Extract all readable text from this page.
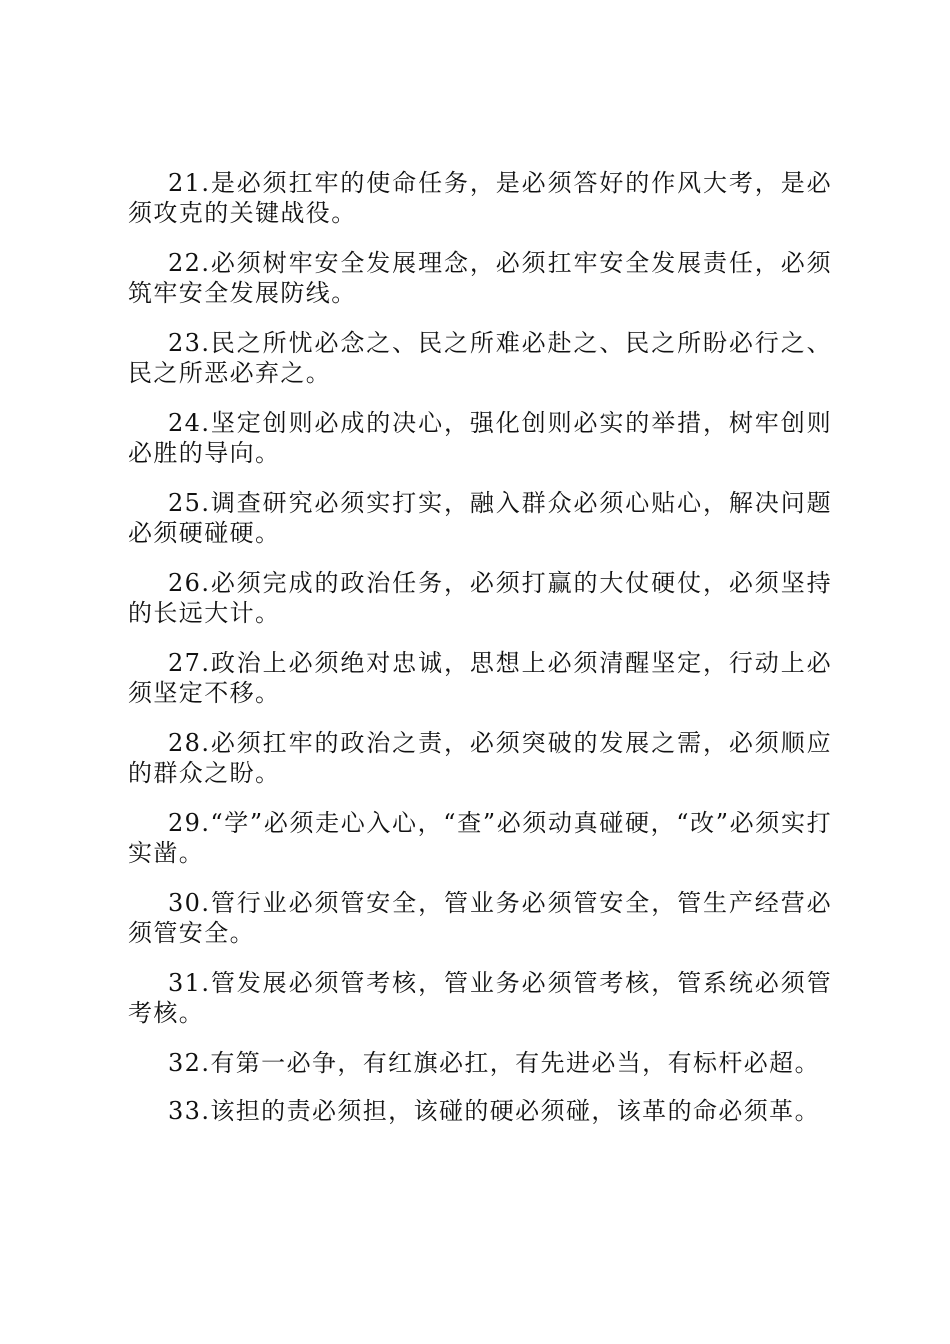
21.是必须扛牢的使命任务，是必须答好的作风大考，是必须攻克的关键战役。

22.必须树牢安全发展理念，必须扛牢安全发展责任，必须筑牢安全发展防线。

23.民之所忧必念之、民之所难必赴之、民之所盼必行之、民之所恶必弃之。

24.坚定创则必成的决心，强化创则必实的举措，树牢创则必胜的导向。

25.调查研究必须实打实，融入群众必须心贴心，解决问题必须硬碰硬。

26.必须完成的政治任务，必须打赢的大仗硬仗，必须坚持的长远大计。

27.政治上必须绝对忠诚，思想上必须清醒坚定，行动上必须坚定不移。

28.必须扛牢的政治之责，必须突破的发展之需，必须顺应的群众之盼。

29.“学”必须走心入心，“查”必须动真碰硬，“改”必须实打实凿。

30.管行业必须管安全，管业务必须管安全，管生产经营必须管安全。

31.管发展必须管考核，管业务必须管考核，管系统必须管考核。

32.有第一必争，有红旗必扛，有先进必当，有标杆必超。

33.该担的责必须担，该碰的硬必须碰，该革的命必须革。
